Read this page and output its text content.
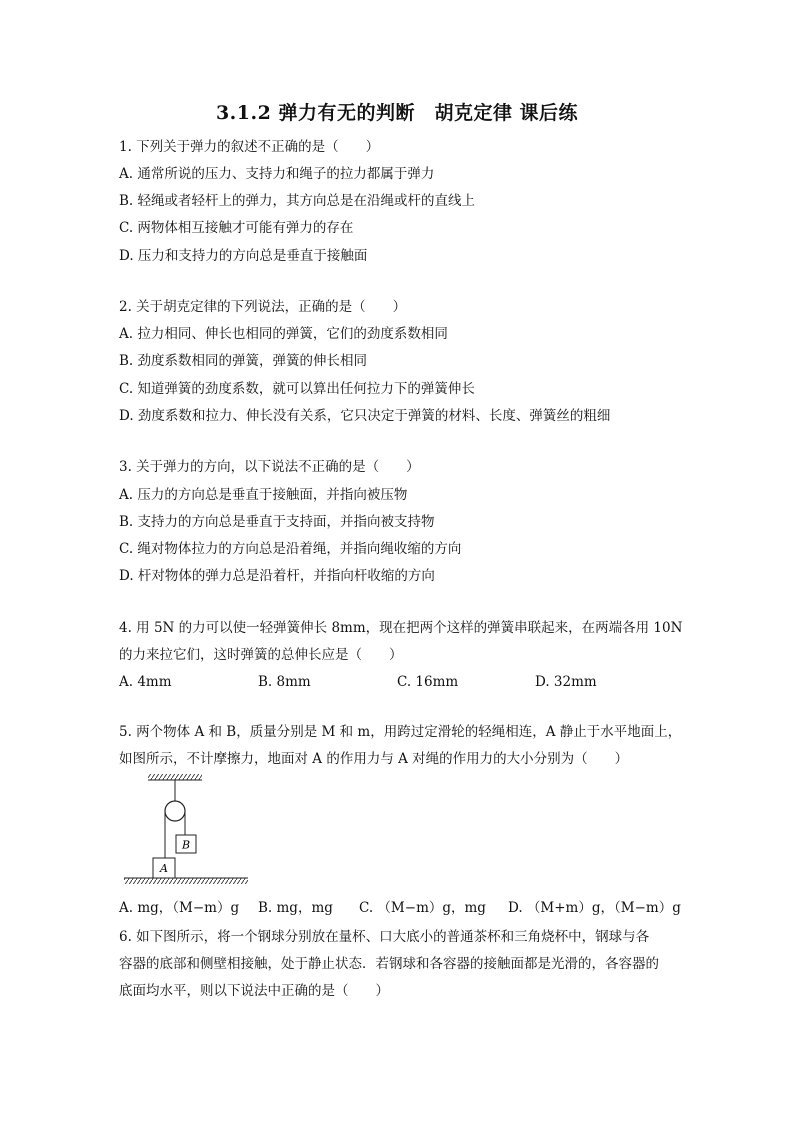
3.1.2 弹力有无的判断　胡克定律 课后练
1. 下列关于弹力的叙述不正确的是（　　）
A. 通常所说的压力、支持力和绳子的拉力都属于弹力
B. 轻绳或者轻杆上的弹力，其方向总是在沿绳或杆的直线上
C. 两物体相互接触才可能有弹力的存在
D. 压力和支持力的方向总是垂直于接触面
2. 关于胡克定律的下列说法，正确的是（　　）
A. 拉力相同、伸长也相同的弹簧，它们的劲度系数相同
B. 劲度系数相同的弹簧，弹簧的伸长相同
C. 知道弹簧的劲度系数，就可以算出任何拉力下的弹簧伸长
D. 劲度系数和拉力、伸长没有关系，它只决定于弹簧的材料、长度、弹簧丝的粗细
3. 关于弹力的方向，以下说法不正确的是（　　）
A. 压力的方向总是垂直于接触面，并指向被压物
B. 支持力的方向总是垂直于支持面，并指向被支持物
C. 绳对物体拉力的方向总是沿着绳，并指向绳收缩的方向
D. 杆对物体的弹力总是沿着杆，并指向杆收缩的方向
4. 用 5N 的力可以使一轻弹簧伸长 8mm，现在把两个这样的弹簧串联起来，在两端各用 10N
的力来拉它们，这时弹簧的总伸长应是（　　）
A. 4mm	B. 8mm	C. 16mm	D. 32mm
5. 两个物体 A 和 B，质量分别是 M 和 m，用跨过定滑轮的轻绳相连，A 静止于水平地面上，
如图所示，不计摩擦力，地面对 A 的作用力与 A 对绳的作用力的大小分别为（　　）
B
A
A. mg，（M−m）g B. mg，mg C. （M−m）g，mg D. （M+m）g，（M−m）g
6. 如下图所示，将一个钢球分别放在量杯、口大底小的普通茶杯和三角烧杯中，钢球与各
容器的底部和侧壁相接触，处于静止状态．若钢球和各容器的接触面都是光滑的，各容器的
底面均水平，则以下说法中正确的是（　　）
